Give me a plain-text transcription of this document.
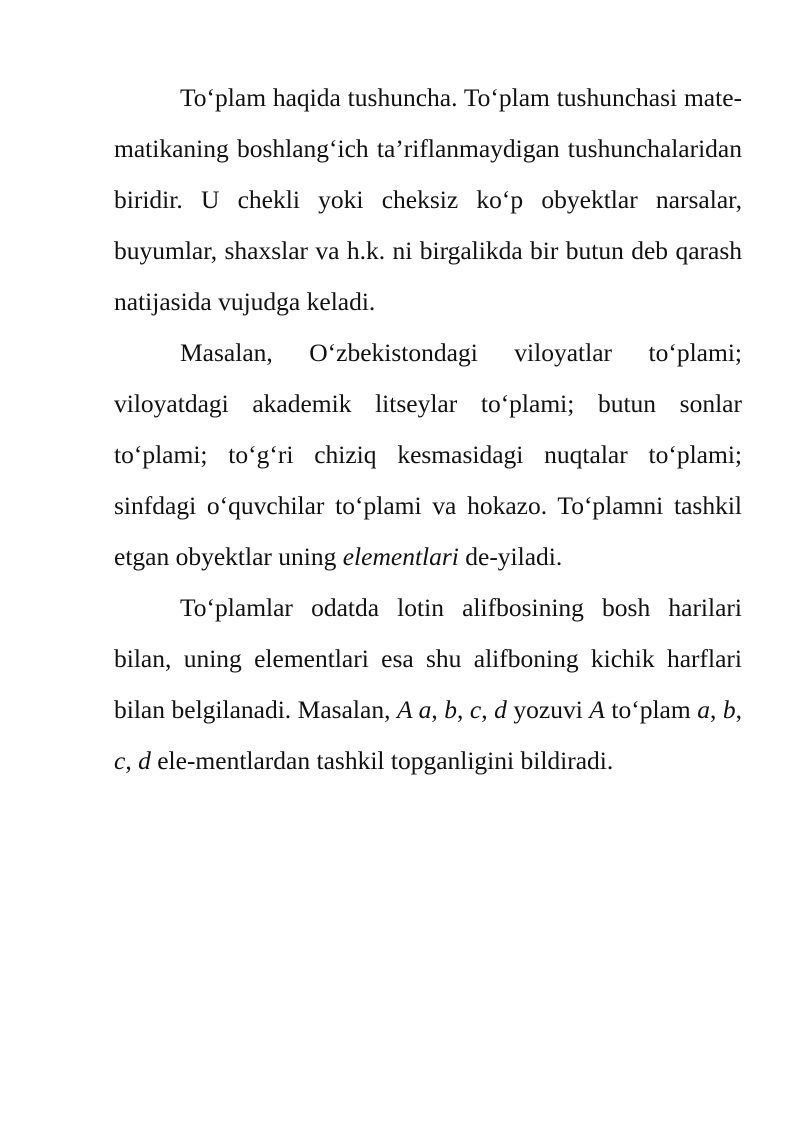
To‘plam haqida tushuncha. To‘plam tushunchasi mate-matikaning boshlang‘ich ta’riflanmaydigan tushunchalaridan biridir. U chekli yoki cheksiz ko‘p obyektlar narsalar, buyumlar, shaxslar va h.k. ni birgalikda bir butun deb qarash natijasida vujudga keladi.

Masalan, O‘zbekistondagi viloyatlar to‘plami; viloyatdagi akademik litseylar to‘plami; butun sonlar to‘plami; to‘g‘ri chiziq kesmasidagi nuqtalar to‘plami; sinfdagi o‘quvchilar to‘plami va hokazo. To‘plamni tashkil etgan obyektlar uning elementlari de-yiladi.

To‘plamlar odatda lotin alifbosining bosh harilari bilan, uning elementlari esa shu alifboning kichik harflari bilan belgilanadi. Masalan, A a, b, c, d yozuvi A to‘plam a, b, c, d ele-mentlardan tashkil topganligini bildiradi.
